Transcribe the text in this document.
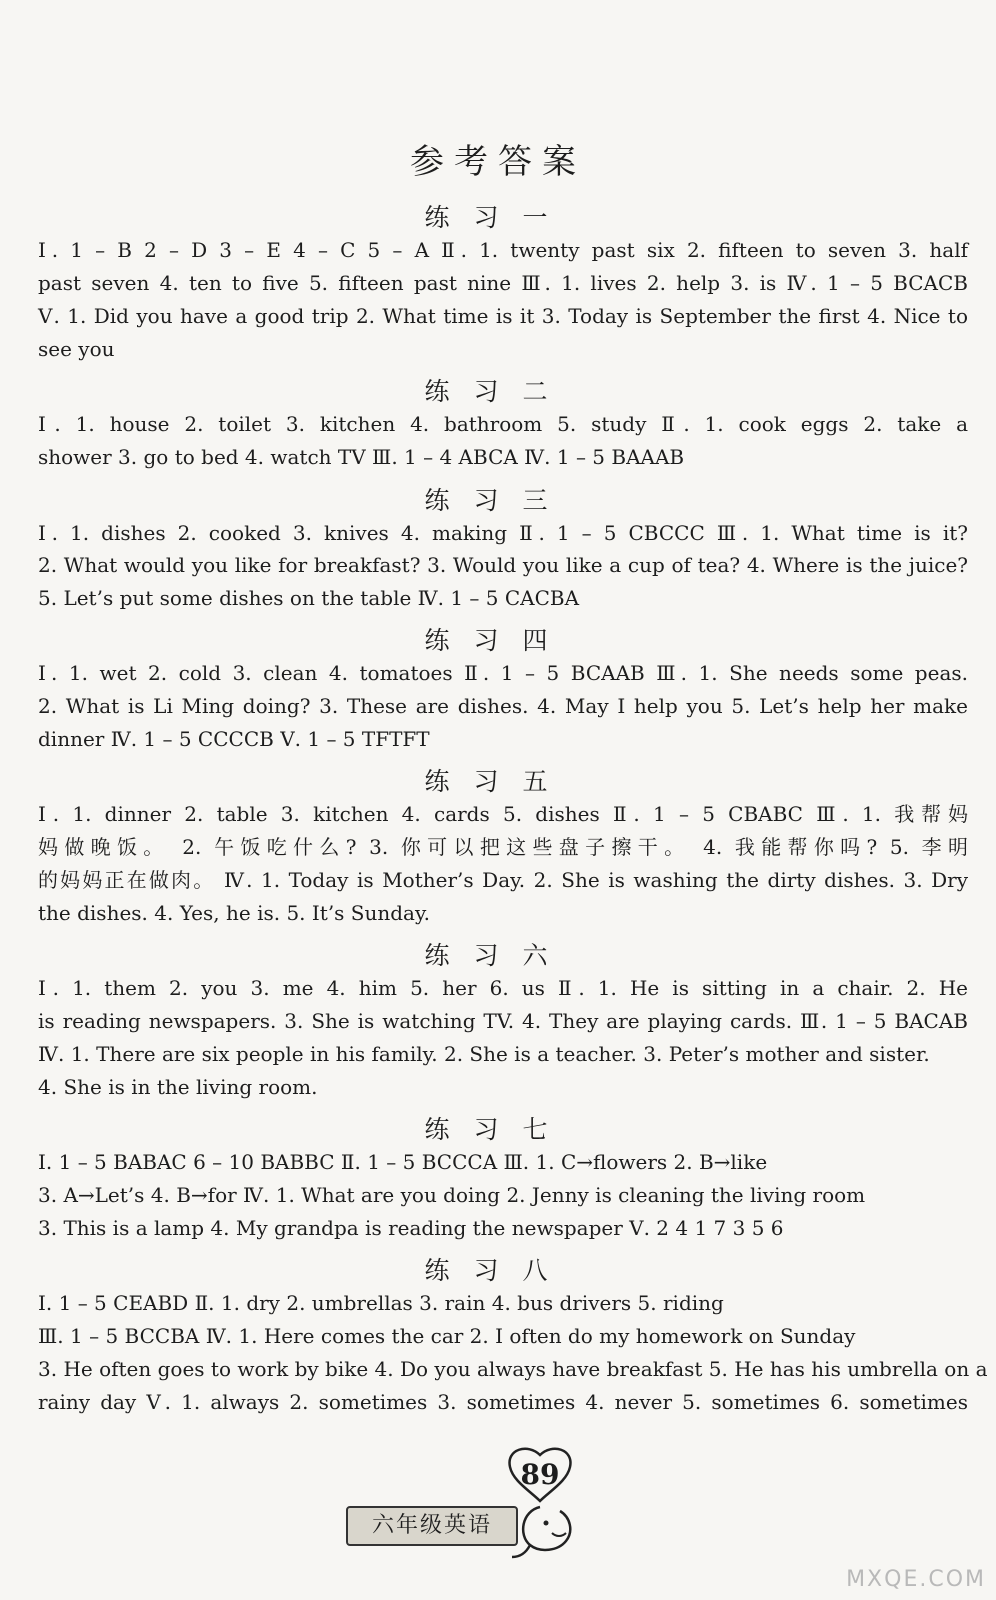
参考答案
练习一
Ⅰ. 1 – B 2 – D 3 – E 4 – C 5 – A Ⅱ. 1. twenty past six 2. fifteen to seven 3. half
past seven 4. ten to five 5. fifteen past nine Ⅲ. 1. lives 2. help 3. is Ⅳ. 1 – 5 BCACB
Ⅴ. 1. Did you have a good trip 2. What time is it 3. Today is September the first 4. Nice to
see you
练习二
Ⅰ. 1. house 2. toilet 3. kitchen 4. bathroom 5. study Ⅱ. 1. cook eggs 2. take a
shower 3. go to bed 4. watch TV Ⅲ. 1 – 4 ABCA Ⅳ. 1 – 5 BAAAB
练习三
Ⅰ. 1. dishes 2. cooked 3. knives 4. making Ⅱ. 1 – 5 CBCCC Ⅲ. 1. What time is it?
2. What would you like for breakfast? 3. Would you like a cup of tea? 4. Where is the juice?
5. Let’s put some dishes on the table Ⅳ. 1 – 5 CACBA
练习四
Ⅰ. 1. wet 2. cold 3. clean 4. tomatoes Ⅱ. 1 – 5 BCAAB Ⅲ. 1. She needs some peas.
2. What is Li Ming doing? 3. These are dishes. 4. May I help you 5. Let’s help her make
dinner Ⅳ. 1 – 5 CCCCB Ⅴ. 1 – 5 TFTFT
练习五
Ⅰ. 1. dinner 2. table 3. kitchen 4. cards 5. dishes Ⅱ. 1 – 5 CBABC Ⅲ. 1. 我帮妈
妈做晚饭。 2. 午饭吃什么? 3. 你可以把这些盘子擦干。 4. 我能帮你吗? 5. 李明
的妈妈正在做肉。 Ⅳ. 1. Today is Mother’s Day. 2. She is washing the dirty dishes. 3. Dry
the dishes. 4. Yes, he is. 5. It’s Sunday.
练习六
Ⅰ. 1. them 2. you 3. me 4. him 5. her 6. us Ⅱ. 1. He is sitting in a chair. 2. He
is reading newspapers. 3. She is watching TV. 4. They are playing cards. Ⅲ. 1 – 5 BACAB
Ⅳ. 1. There are six people in his family. 2. She is a teacher. 3. Peter’s mother and sister.
4. She is in the living room.
练习七
Ⅰ. 1 – 5 BABAC 6 – 10 BABBC Ⅱ. 1 – 5 BCCCA Ⅲ. 1. C→flowers 2. B→like
3. A→Let’s 4. B→for Ⅳ. 1. What are you doing 2. Jenny is cleaning the living room
3. This is a lamp 4. My grandpa is reading the newspaper Ⅴ. 2 4 1 7 3 5 6
练习八
Ⅰ. 1 – 5 CEABD Ⅱ. 1. dry 2. umbrellas 3. rain 4. bus drivers 5. riding
Ⅲ. 1 – 5 BCCBA Ⅳ. 1. Here comes the car 2. I often do my homework on Sunday
3. He often goes to work by bike 4. Do you always have breakfast 5. He has his umbrella on a
rainy day Ⅴ. 1. always 2. sometimes 3. sometimes 4. never 5. sometimes 6. sometimes
89
六年级英语
MXQE.COM
